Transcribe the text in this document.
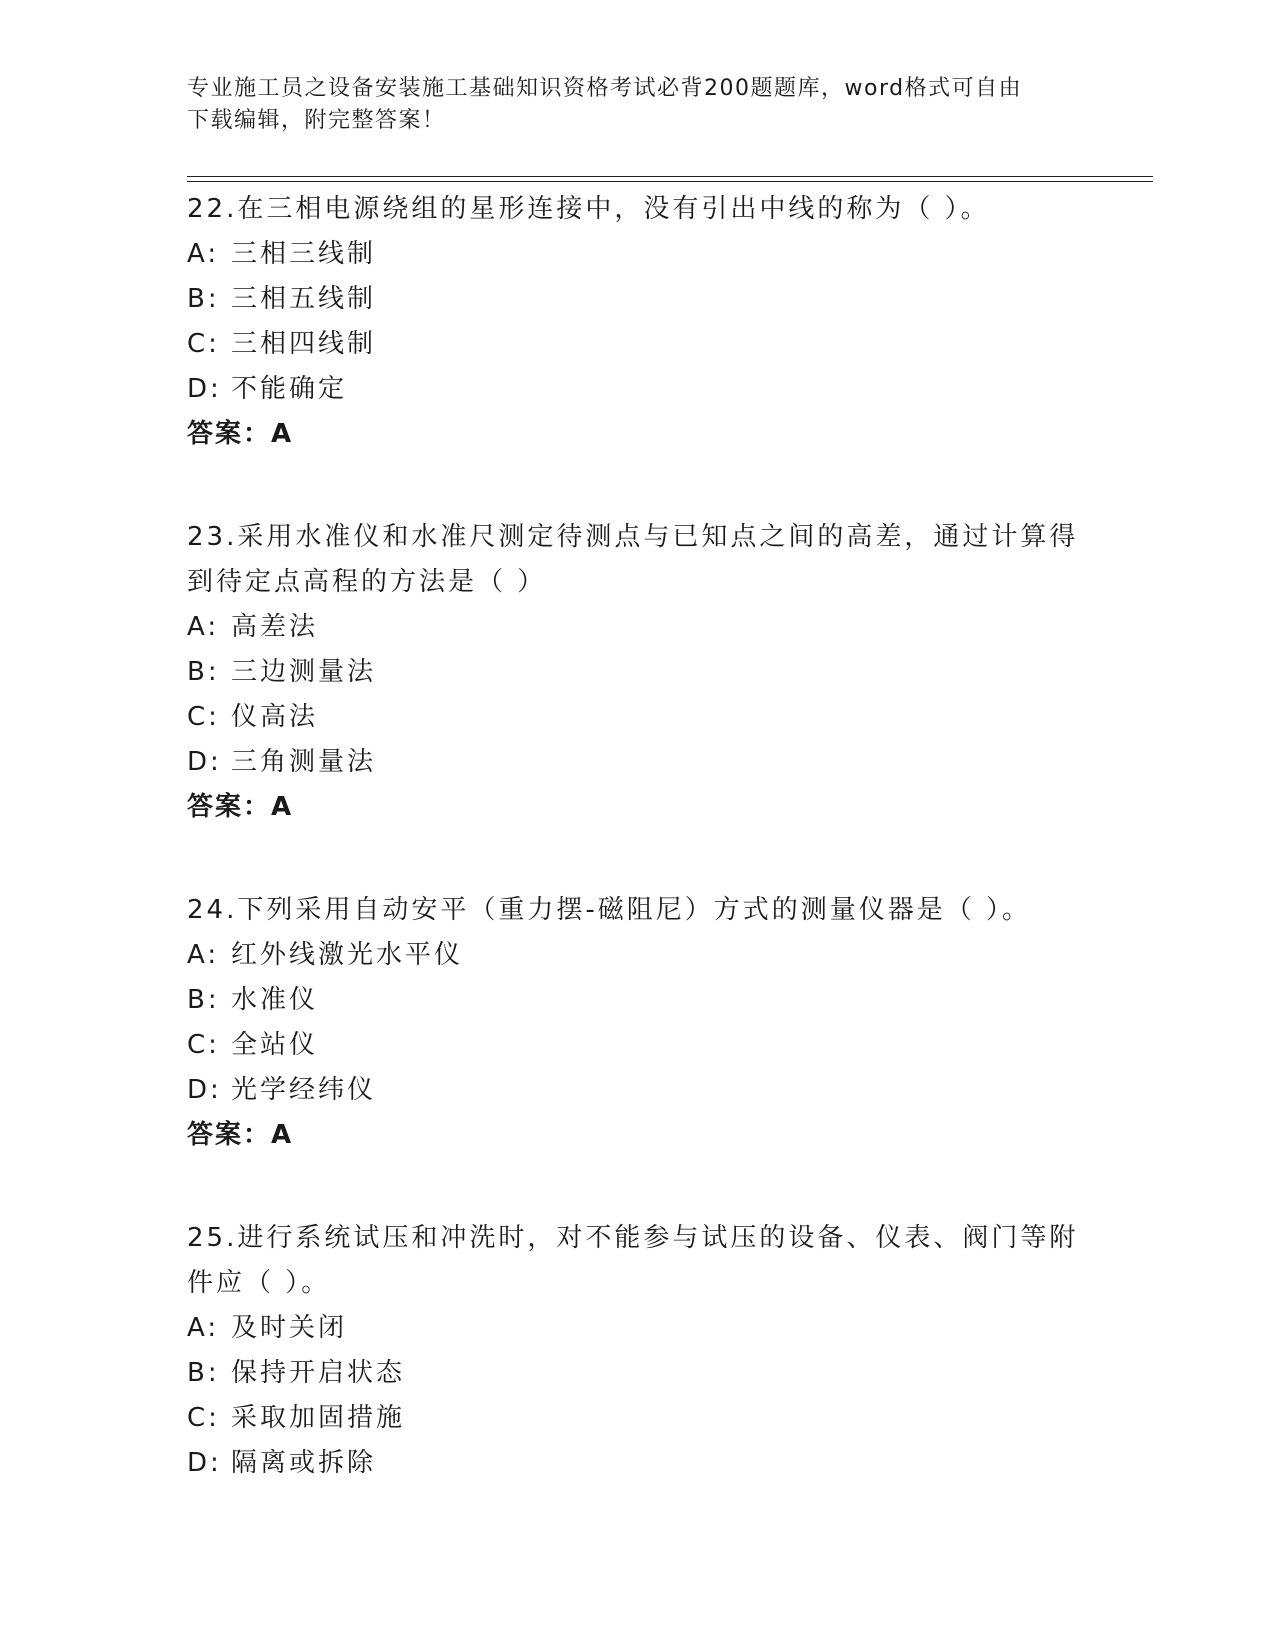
专业施工员之设备安装施工基础知识资格考试必背200题题库，word格式可自由
下载编辑，附完整答案！

22.在三相电源绕组的星形连接中，没有引出中线的称为（ ）。

A: 三相三线制

B: 三相五线制

C: 三相四线制

D: 不能确定

答案：A

23.采用水准仪和水准尺测定待测点与已知点之间的高差，通过计算得

到待定点高程的方法是（ ）

A: 高差法

B: 三边测量法

C: 仪高法

D: 三角测量法

答案：A

24.下列采用自动安平（重力摆-磁阻尼）方式的测量仪器是（ ）。

A: 红外线激光水平仪

B: 水准仪

C: 全站仪

D: 光学经纬仪

答案：A

25.进行系统试压和冲洗时，对不能参与试压的设备、仪表、阀门等附

件应（ ）。

A: 及时关闭

B: 保持开启状态

C: 采取加固措施

D: 隔离或拆除
